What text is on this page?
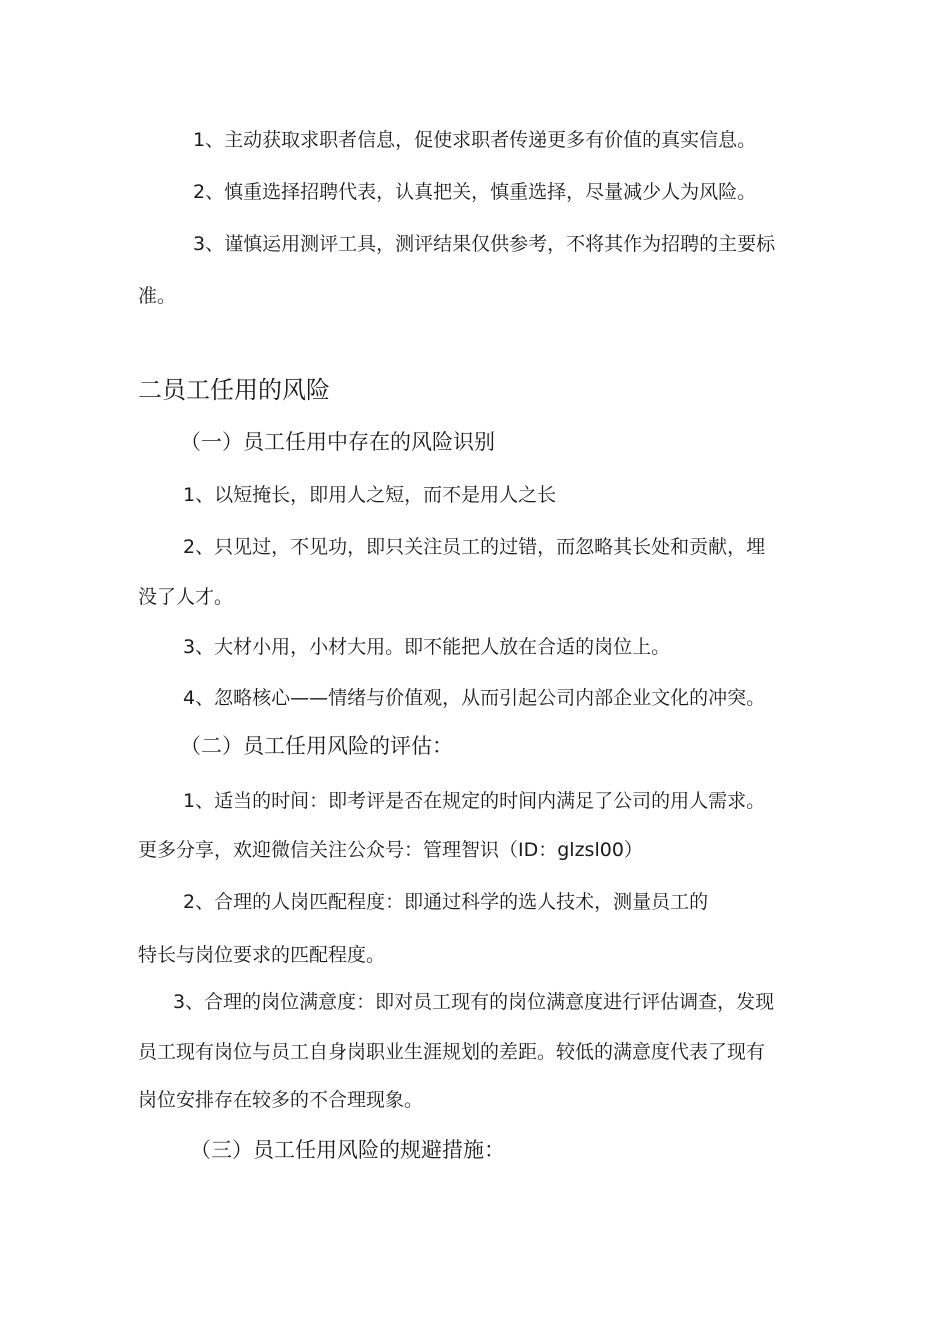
1、主动获取求职者信息，促使求职者传递更多有价值的真实信息。

2、慎重选择招聘代表，认真把关，慎重选择，尽量减少人为风险。

3、谨慎运用测评工具，测评结果仅供参考，不将其作为招聘的主要标

准。

二员工任用的风险
（一）员工任用中存在的风险识别

1、以短掩长，即用人之短，而不是用人之长

2、只见过，不见功，即只关注员工的过错，而忽略其长处和贡献，埋

没了人才。

3、大材小用，小材大用。即不能把人放在合适的岗位上。

4、忽略核心——情绪与价值观，从而引起公司内部企业文化的冲突。

（二）员工任用风险的评估：

1、适当的时间：即考评是否在规定的时间内满足了公司的用人需求。

更多分享，欢迎微信关注公众号：管理智识（ID：glzsl00）

2、合理的人岗匹配程度：即通过科学的选人技术，测量员工的

特长与岗位要求的匹配程度。

3、合理的岗位满意度：即对员工现有的岗位满意度进行评估调查，发现

员工现有岗位与员工自身岗职业生涯规划的差距。较低的满意度代表了现有

岗位安排存在较多的不合理现象。

（三）员工任用风险的规避措施：
